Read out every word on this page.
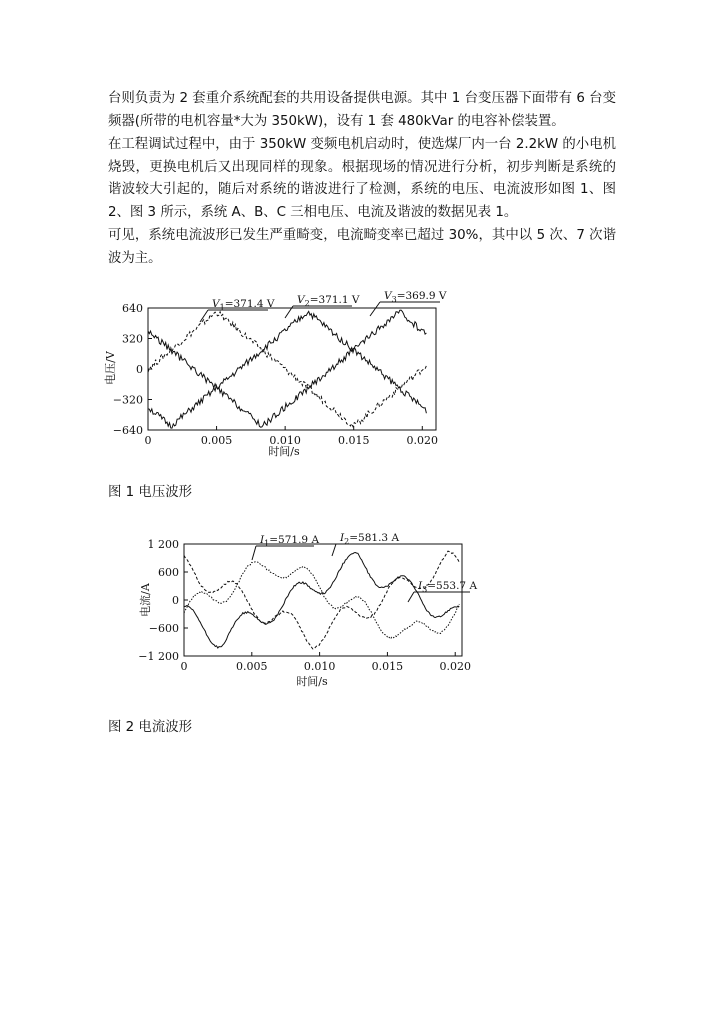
台则负责为 2 套重介系统配套的共用设备提供电源。其中 1 台变压器下面带有 6 台变频器(所带的电机容量*大为 350kW)，设有 1 套 480kVar 的电容补偿装置。

在工程调试过程中，由于 350kW 变频电机启动时，使选煤厂内一台 2.2kW 的小电机烧毁，更换电机后又出现同样的现象。根据现场的情况进行分析，初步判断是系统的谐波较大引起的，随后对系统的谐波进行了检测，系统的电压、电流波形如图 1、图 2、图 3 所示，系统 A、B、C 三相电压、电流及谐波的数据见表 1。

可见，系统电流波形已发生严重畸变，电流畸变率已超过 30%，其中以 5 次、7 次谐波为主。

电压/V
时间/s
640
320
0
−320
−640
0	0.005	0.010	0.015	0.020
$V_1=371.4$ V $V_2=371.1$ V $V_3=369.9$ V
图 1 电压波形
电流/A
时间/s
1 200
600
0
−600
−1 200
0	0.005	0.010	0.015	0.020
$I_1=571.9$ A $I_2=581.3$ A
$I_3=553.7$ A
图 2 电流波形
